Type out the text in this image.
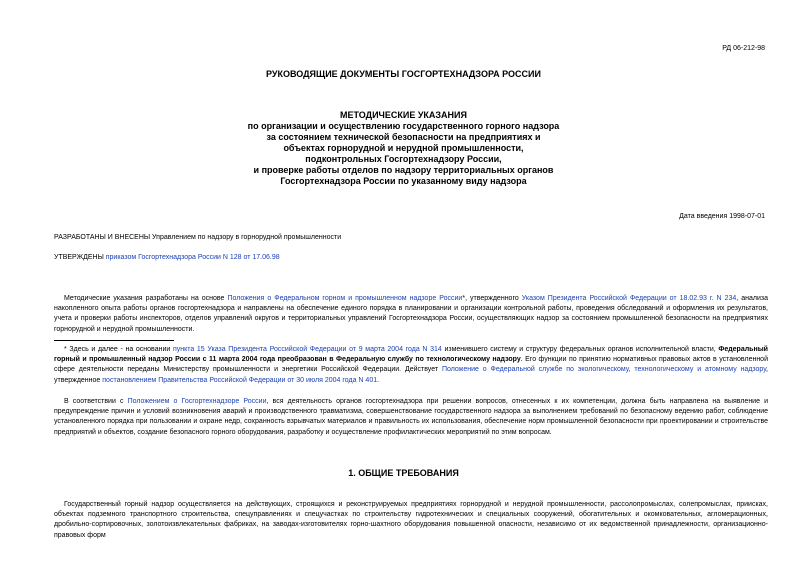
РД 06-212-98
РУКОВОДЯЩИЕ ДОКУМЕНТЫ ГОСГОРТЕХНАДЗОРА РОССИИ
МЕТОДИЧЕСКИЕ УКАЗАНИЯ
по организации и осуществлению государственного горного надзора
за состоянием технической безопасности на предприятиях и
объектах горнорудной и нерудной промышленности,
подконтрольных Госгортехнадзору России,
и проверке работы отделов по надзору территориальных органов
Госгортехнадзора России по указанному виду надзора
Дата введения 1998-07-01
РАЗРАБОТАНЫ И ВНЕСЕНЫ Управлением по надзору в горнорудной промышленности
УТВЕРЖДЕНЫ приказом Госгортехнадзора России N 128 от 17.06.98

Методические указания разработаны на основе Положения о Федеральном горном и промышленном надзоре России*, утвержденного Указом Президента Российской Федерации от 18.02.93 г. N 234, анализа накопленного опыта работы органов госгортехнадзора и направлены на обеспечение единого порядка в планировании и организации контрольной работы, проведения обследований и оформления их результатов, учета и проверки работы инспекторов, отделов управлений округов и территориальных управлений Госгортехнадзора России, осуществляющих надзор за состоянием промышленной безопасности на предприятиях горнорудной и нерудной промышленности.

* Здесь и далее - на основании пункта 15 Указа Президента Российской Федерации от 9 марта 2004 года N 314 изменившего систему и структуру федеральных органов исполнительной власти, Федеральный горный и промышленный надзор России с 11 марта 2004 года преобразован в Федеральную службу по технологическому надзору. Его функции по принятию нормативных правовых актов в установленной сфере деятельности переданы Министерству промышленности и энергетики Российской Федерации. Действует Положение о Федеральной службе по экологическому, технологическому и атомному надзору, утвержденное постановлением Правительства Российской Федерации от 30 июля 2004 года N 401.

В соответствии с Положением о Госгортехнадзоре России, вся деятельность органов госгортехнадзора при решении вопросов, отнесенных к их компетенции, должна быть направлена на выявление и предупреждение причин и условий возникновения аварий и производственного травматизма, совершенствование государственного надзора за выполнением требований по безопасному ведению работ, соблюдение установленного порядка при пользовании и охране недр, сохранность взрывчатых материалов и правильность их использования, обеспечение норм промышленной безопасности при проектировании и строительстве предприятий и объектов, создание безопасного горного оборудования, разработку и осуществление профилактических мероприятий по этим вопросам.

1. ОБЩИЕ ТРЕБОВАНИЯ

Государственный горный надзор осуществляется на действующих, строящихся и реконструируемых предприятиях горнорудной и нерудной промышленности, рассолопромыслах, солепромыслах, приисках, объектах подземного транспортного строительства, спецуправлениях и спецучастках по строительству гидротехнических и специальных сооружений, обогатительных и окомковательных, агломерационных, дробильно-сортировочных, золотоизвлекательных фабриках, на заводах-изготовителях горно-шахтного оборудования повышенной опасности, независимо от их ведомственной принадлежности, организационно-правовых форм
